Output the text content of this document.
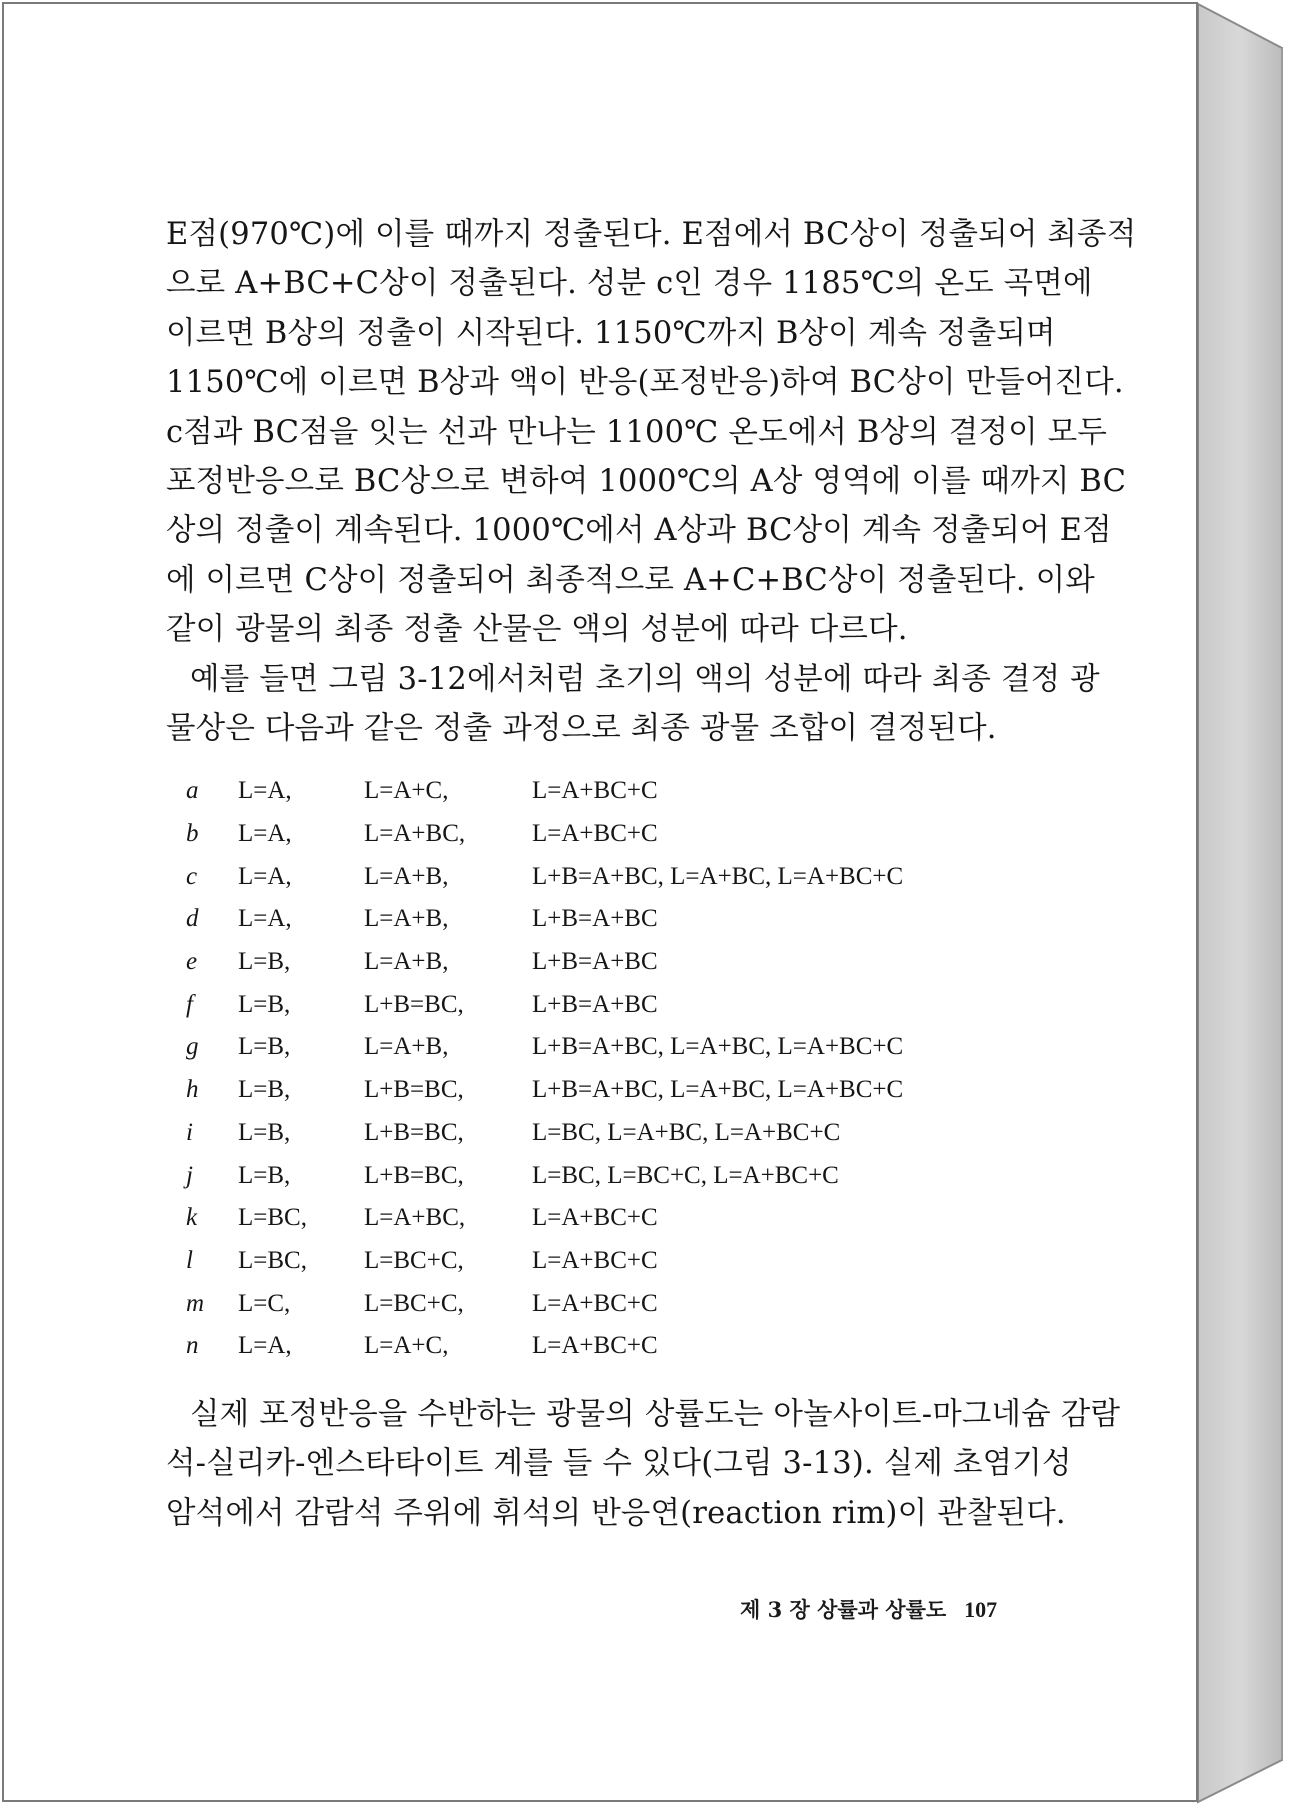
E점(970℃)에 이를 때까지 정출된다. E점에서 BC상이 정출되어 최종적
으로 A+BC+C상이 정출된다. 성분 c인 경우 1185℃의 온도 곡면에
이르면 B상의 정출이 시작된다. 1150℃까지 B상이 계속 정출되며
1150℃에 이르면 B상과 액이 반응(포정반응)하여 BC상이 만들어진다.
c점과 BC점을 잇는 선과 만나는 1100℃ 온도에서 B상의 결정이 모두
포정반응으로 BC상으로 변하여 1000℃의 A상 영역에 이를 때까지 BC
상의 정출이 계속된다. 1000℃에서 A상과 BC상이 계속 정출되어 E점
에 이르면 C상이 정출되어 최종적으로 A+C+BC상이 정출된다. 이와
같이 광물의 최종 정출 산물은 액의 성분에 따라 다르다.

예를 들면 그림 3-12에서처럼 초기의 액의 성분에 따라 최종 결정 광
물상은 다음과 같은 정출 과정으로 최종 광물 조합이 결정된다.

a	L=A,	L=A+C,	L=A+BC+C
b	L=A,	L=A+BC,	L=A+BC+C
c	L=A,	L=A+B,	L+B=A+BC, L=A+BC, L=A+BC+C
d	L=A,	L=A+B,	L+B=A+BC
e	L=B,	L=A+B,	L+B=A+BC
f	L=B,	L+B=BC,	L+B=A+BC
g	L=B,	L=A+B,	L+B=A+BC, L=A+BC, L=A+BC+C
h	L=B,	L+B=BC,	L+B=A+BC, L=A+BC, L=A+BC+C
i	L=B,	L+B=BC,	L=BC, L=A+BC, L=A+BC+C
j	L=B,	L+B=BC,	L=BC, L=BC+C, L=A+BC+C
k	L=BC,	L=A+BC,	L=A+BC+C
l	L=BC,	L=BC+C,	L=A+BC+C
m	L=C,	L=BC+C,	L=A+BC+C
n	L=A,	L=A+C,	L=A+BC+C

실제 포정반응을 수반하는 광물의 상률도는 아놀사이트-마그네슘 감람
석-실리카-엔스타타이트 계를 들 수 있다(그림 3-13). 실제 초염기성
암석에서 감람석 주위에 휘석의 반응연(reaction rim)이 관찰된다.

제 3 장 상률과 상률도 107
